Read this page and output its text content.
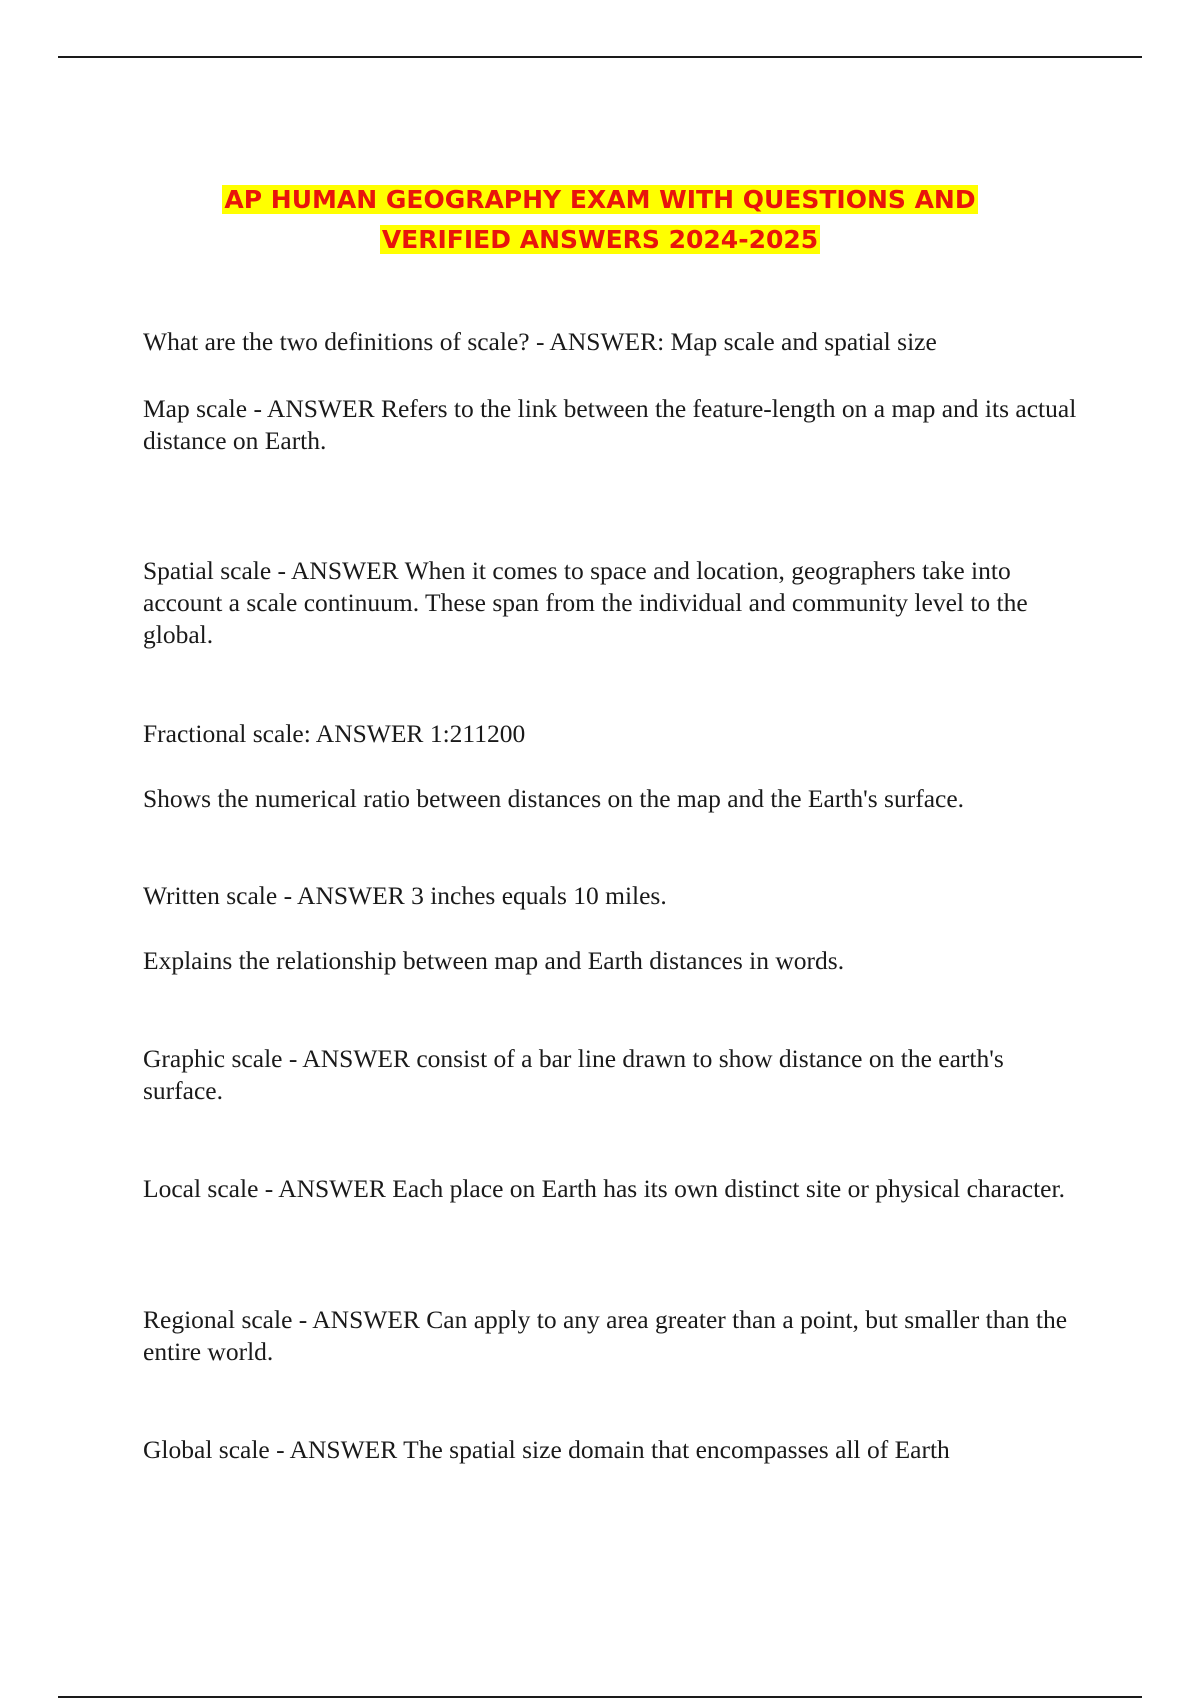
AP HUMAN GEOGRAPHY EXAM WITH QUESTIONS AND
VERIFIED ANSWERS 2024-2025

What are the two definitions of scale? - ANSWER: Map scale and spatial size

Map scale - ANSWER Refers to the link between the feature-length on a map and its actual distance on Earth.

Spatial scale - ANSWER When it comes to space and location, geographers take into account a scale continuum. These span from the individual and community level to the global.

Fractional scale: ANSWER 1:211200

Shows the numerical ratio between distances on the map and the Earth's surface.

Written scale - ANSWER 3 inches equals 10 miles.

Explains the relationship between map and Earth distances in words.

Graphic scale - ANSWER consist of a bar line drawn to show distance on the earth's surface.

Local scale - ANSWER Each place on Earth has its own distinct site or physical character.

Regional scale - ANSWER Can apply to any area greater than a point, but smaller than the entire world.

Global scale - ANSWER The spatial size domain that encompasses all of Earth
